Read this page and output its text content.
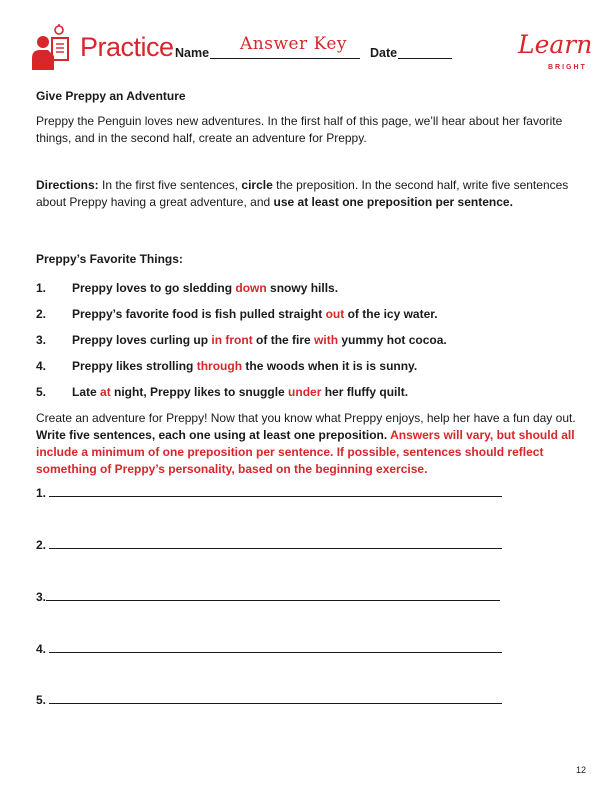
Practice Name Answer Key Date	Learn
BRIGHT

Give Preppy an Adventure

Preppy the Penguin loves new adventures. In the first half of this page, we’ll hear about her favorite things, and in the second half, create an adventure for Preppy.

Directions: In the first five sentences, circle the preposition. In the second half, write five sentences about Preppy having a great adventure, and use at least one preposition per sentence.

Preppy’s Favorite Things:

1. Preppy loves to go sledding down snowy hills.
2. Preppy’s favorite food is fish pulled straight out of the icy water.
3. Preppy loves curling up in front of the fire with yummy hot cocoa.
4. Preppy likes strolling through the woods when it is is sunny.
5. Late at night, Preppy likes to snuggle under her fluffy quilt.

Create an adventure for Preppy! Now that you know what Preppy enjoys, help her have a fun day out. Write five sentences, each one using at least one preposition. Answers will vary, but should all include a minimum of one preposition per sentence. If possible, sentences should reflect something of Preppy’s personality, based on the beginning exercise.

1.
2.
3.
4.
5.
12
